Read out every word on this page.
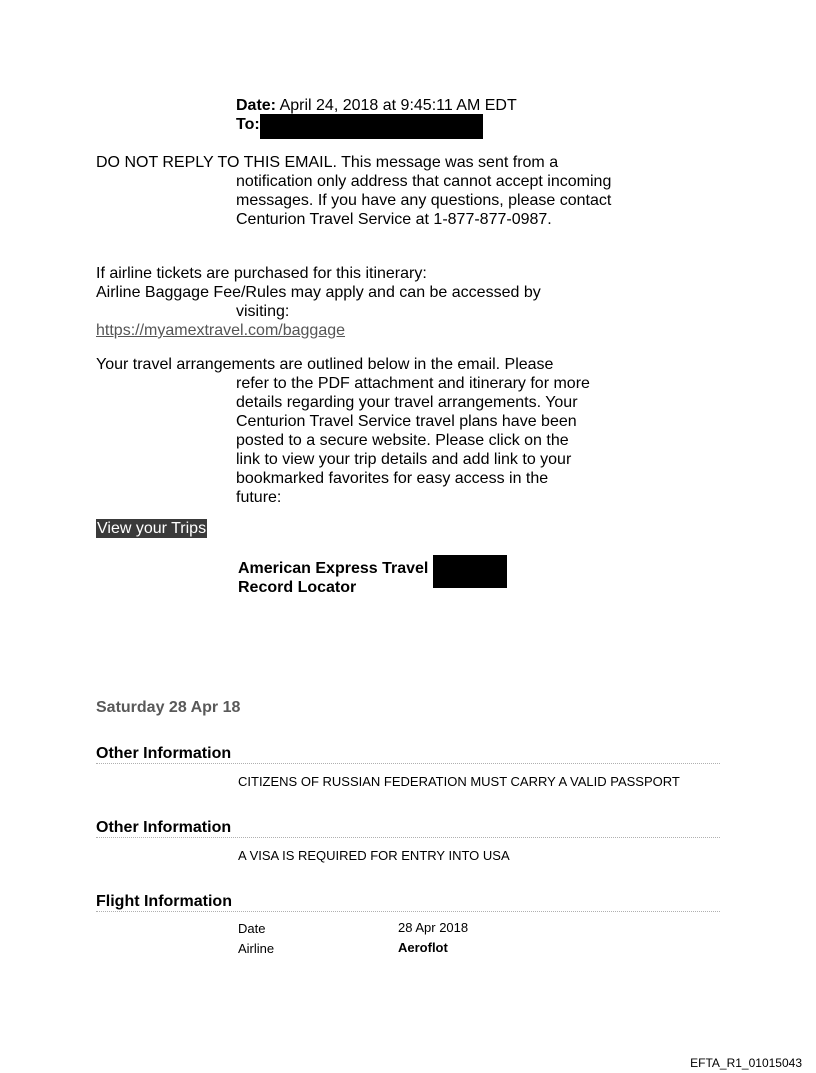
Date: April 24, 2018 at 9:45:11 AM EDT
To:
DO NOT REPLY TO THIS EMAIL. This message was sent from a
notification only address that cannot accept incoming messages. If you have any questions, please contact Centurion Travel Service at 1-877-877-0987.
If airline tickets are purchased for this itinerary:
Airline Baggage Fee/Rules may apply and can be accessed by
visiting:
https://myamextravel.com/baggage
Your travel arrangements are outlined below in the email. Please
refer to the PDF attachment and itinerary for more details regarding your travel arrangements. Your Centurion Travel Service travel plans have been posted to a secure website. Please click on the link to view your trip details and add link to your bookmarked favorites for easy access in the future:
View your Trips
American Express Travel
Record Locator
Saturday 28 Apr 18
Other Information
CITIZENS OF RUSSIAN FEDERATION MUST CARRY A VALID PASSPORT
Other Information
A VISA IS REQUIRED FOR ENTRY INTO USA
Flight Information
Date	28 Apr 2018
Airline	Aeroflot
EFTA_R1_01015043
